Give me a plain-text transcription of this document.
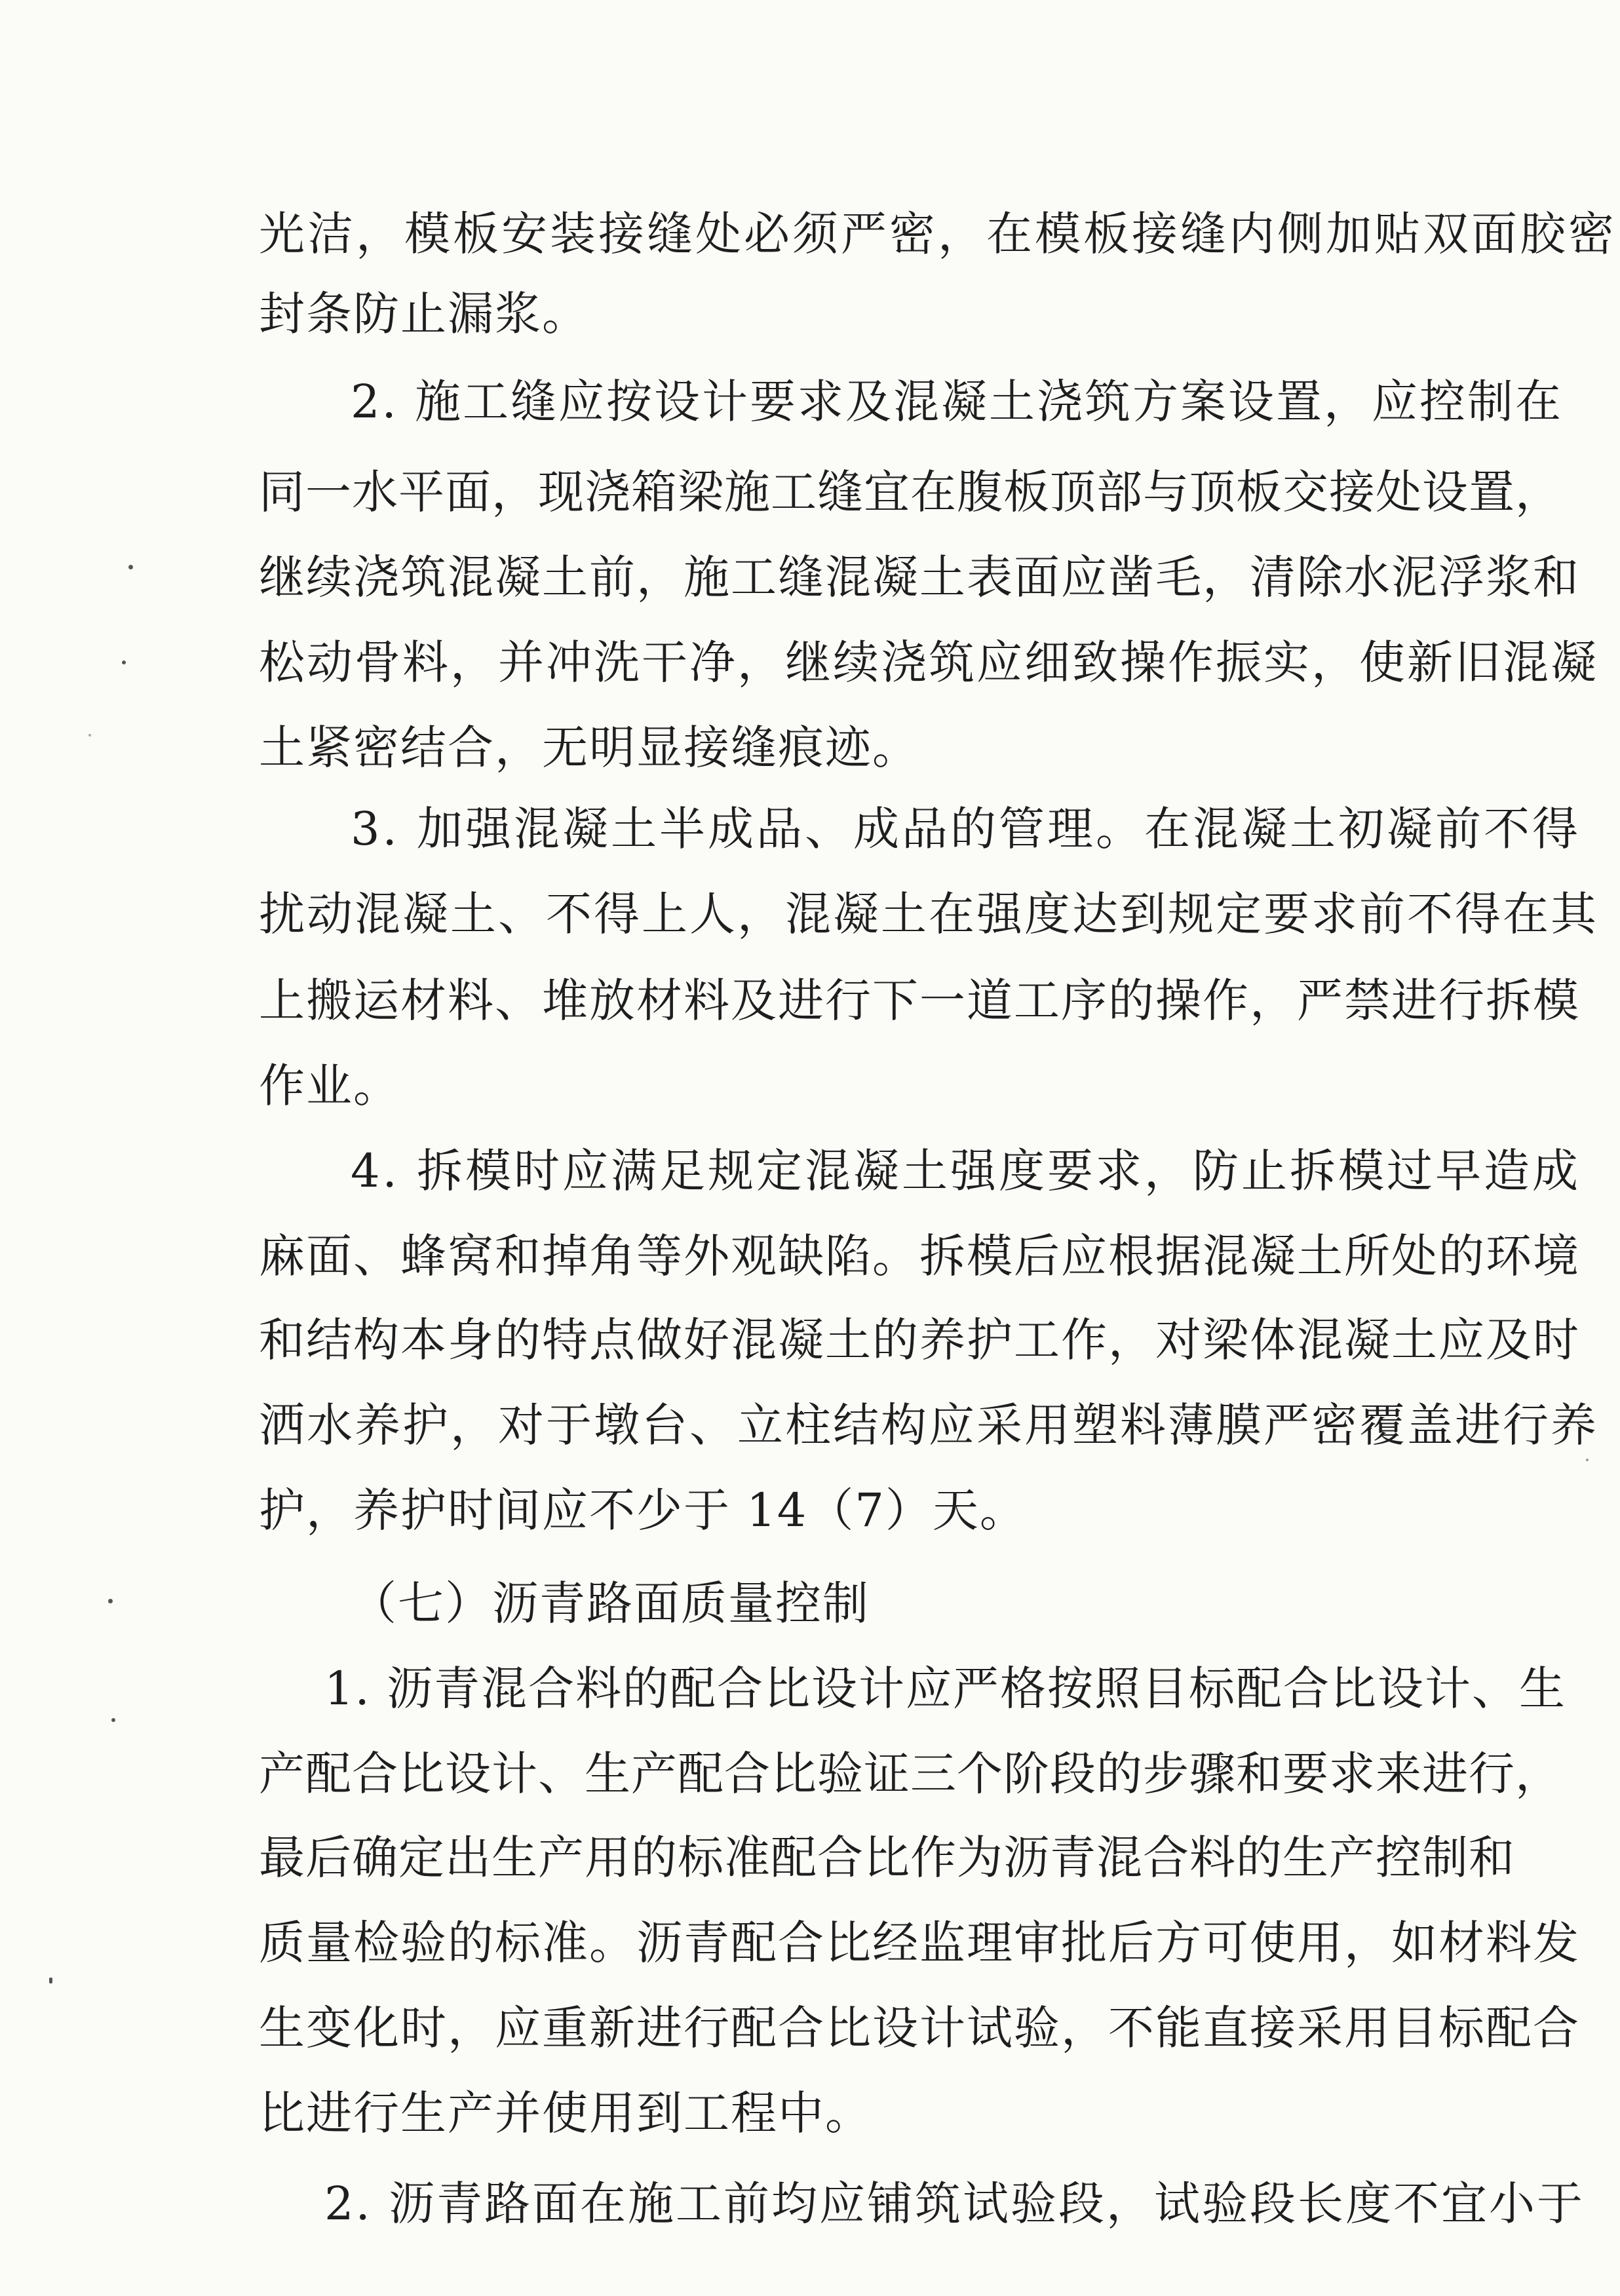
光洁，模板安装接缝处必须严密，在模板接缝内侧加贴双面胶密
封条防止漏浆。
2. 施工缝应按设计要求及混凝土浇筑方案设置，应控制在
同一水平面，现浇箱梁施工缝宜在腹板顶部与顶板交接处设置，
继续浇筑混凝土前，施工缝混凝土表面应凿毛，清除水泥浮浆和
松动骨料，并冲洗干净，继续浇筑应细致操作振实，使新旧混凝
土紧密结合，无明显接缝痕迹。
3. 加强混凝土半成品、成品的管理。在混凝土初凝前不得
扰动混凝土、不得上人，混凝土在强度达到规定要求前不得在其
上搬运材料、堆放材料及进行下一道工序的操作，严禁进行拆模
作业。
4. 拆模时应满足规定混凝土强度要求，防止拆模过早造成
麻面、蜂窝和掉角等外观缺陷。拆模后应根据混凝土所处的环境
和结构本身的特点做好混凝土的养护工作，对梁体混凝土应及时
洒水养护，对于墩台、立柱结构应采用塑料薄膜严密覆盖进行养
护，养护时间应不少于 14（7）天。
（七）沥青路面质量控制
1. 沥青混合料的配合比设计应严格按照目标配合比设计、生
产配合比设计、生产配合比验证三个阶段的步骤和要求来进行，
最后确定出生产用的标准配合比作为沥青混合料的生产控制和
质量检验的标准。沥青配合比经监理审批后方可使用，如材料发
生变化时，应重新进行配合比设计试验，不能直接采用目标配合
比进行生产并使用到工程中。
2. 沥青路面在施工前均应铺筑试验段，试验段长度不宜小于
